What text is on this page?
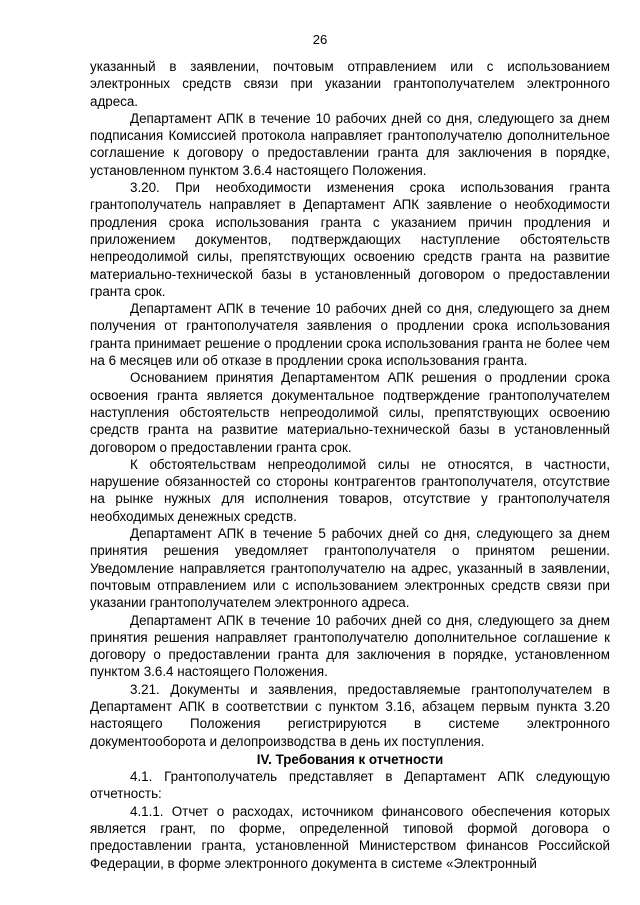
26

указанный в заявлении, почтовым отправлением или с использованием электронных средств связи при указании грантополучателем электронного адреса.

Департамент АПК в течение 10 рабочих дней со дня, следующего за днем подписания Комиссией протокола направляет грантополучателю дополнительное соглашение к договору о предоставлении гранта для заключения в порядке, установленном пунктом 3.6.4 настоящего Положения.

3.20. При необходимости изменения срока использования гранта грантополучатель направляет в Департамент АПК заявление о необходимости продления срока использования гранта с указанием причин продления и приложением документов, подтверждающих наступление обстоятельств непреодолимой силы, препятствующих освоению средств гранта на развитие материально-технической базы в установленный договором о предоставлении гранта срок.

Департамент АПК в течение 10 рабочих дней со дня, следующего за днем получения от грантополучателя заявления о продлении срока использования гранта принимает решение о продлении срока использования гранта не более чем на 6 месяцев или об отказе в продлении срока использования гранта.

Основанием принятия Департаментом АПК решения о продлении срока освоения гранта является документальное подтверждение грантополучателем наступления обстоятельств непреодолимой силы, препятствующих освоению средств гранта на развитие материально-технической базы в установленный договором о предоставлении гранта срок.

К обстоятельствам непреодолимой силы не относятся, в частности, нарушение обязанностей со стороны контрагентов грантополучателя, отсутствие на рынке нужных для исполнения товаров, отсутствие у грантополучателя необходимых денежных средств.

Департамент АПК в течение 5 рабочих дней со дня, следующего за днем принятия решения уведомляет грантополучателя о принятом решении. Уведомление направляется грантополучателю на адрес, указанный в заявлении, почтовым отправлением или с использованием электронных средств связи при указании грантополучателем электронного адреса.

Департамент АПК в течение 10 рабочих дней со дня, следующего за днем принятия решения направляет грантополучателю дополнительное соглашение к договору о предоставлении гранта для заключения в порядке, установленном пунктом 3.6.4 настоящего Положения.

3.21. Документы и заявления, предоставляемые грантополучателем в Департамент АПК в соответствии с пунктом 3.16, абзацем первым пункта 3.20 настоящего Положения регистрируются в системе электронного документооборота и делопроизводства в день их поступления.

IV. Требования к отчетности

4.1. Грантополучатель представляет в Департамент АПК следующую отчетность:

4.1.1. Отчет о расходах, источником финансового обеспечения которых является грант, по форме, определенной типовой формой договора о предоставлении гранта, установленной Министерством финансов Российской Федерации, в форме электронного документа в системе «Электронный
